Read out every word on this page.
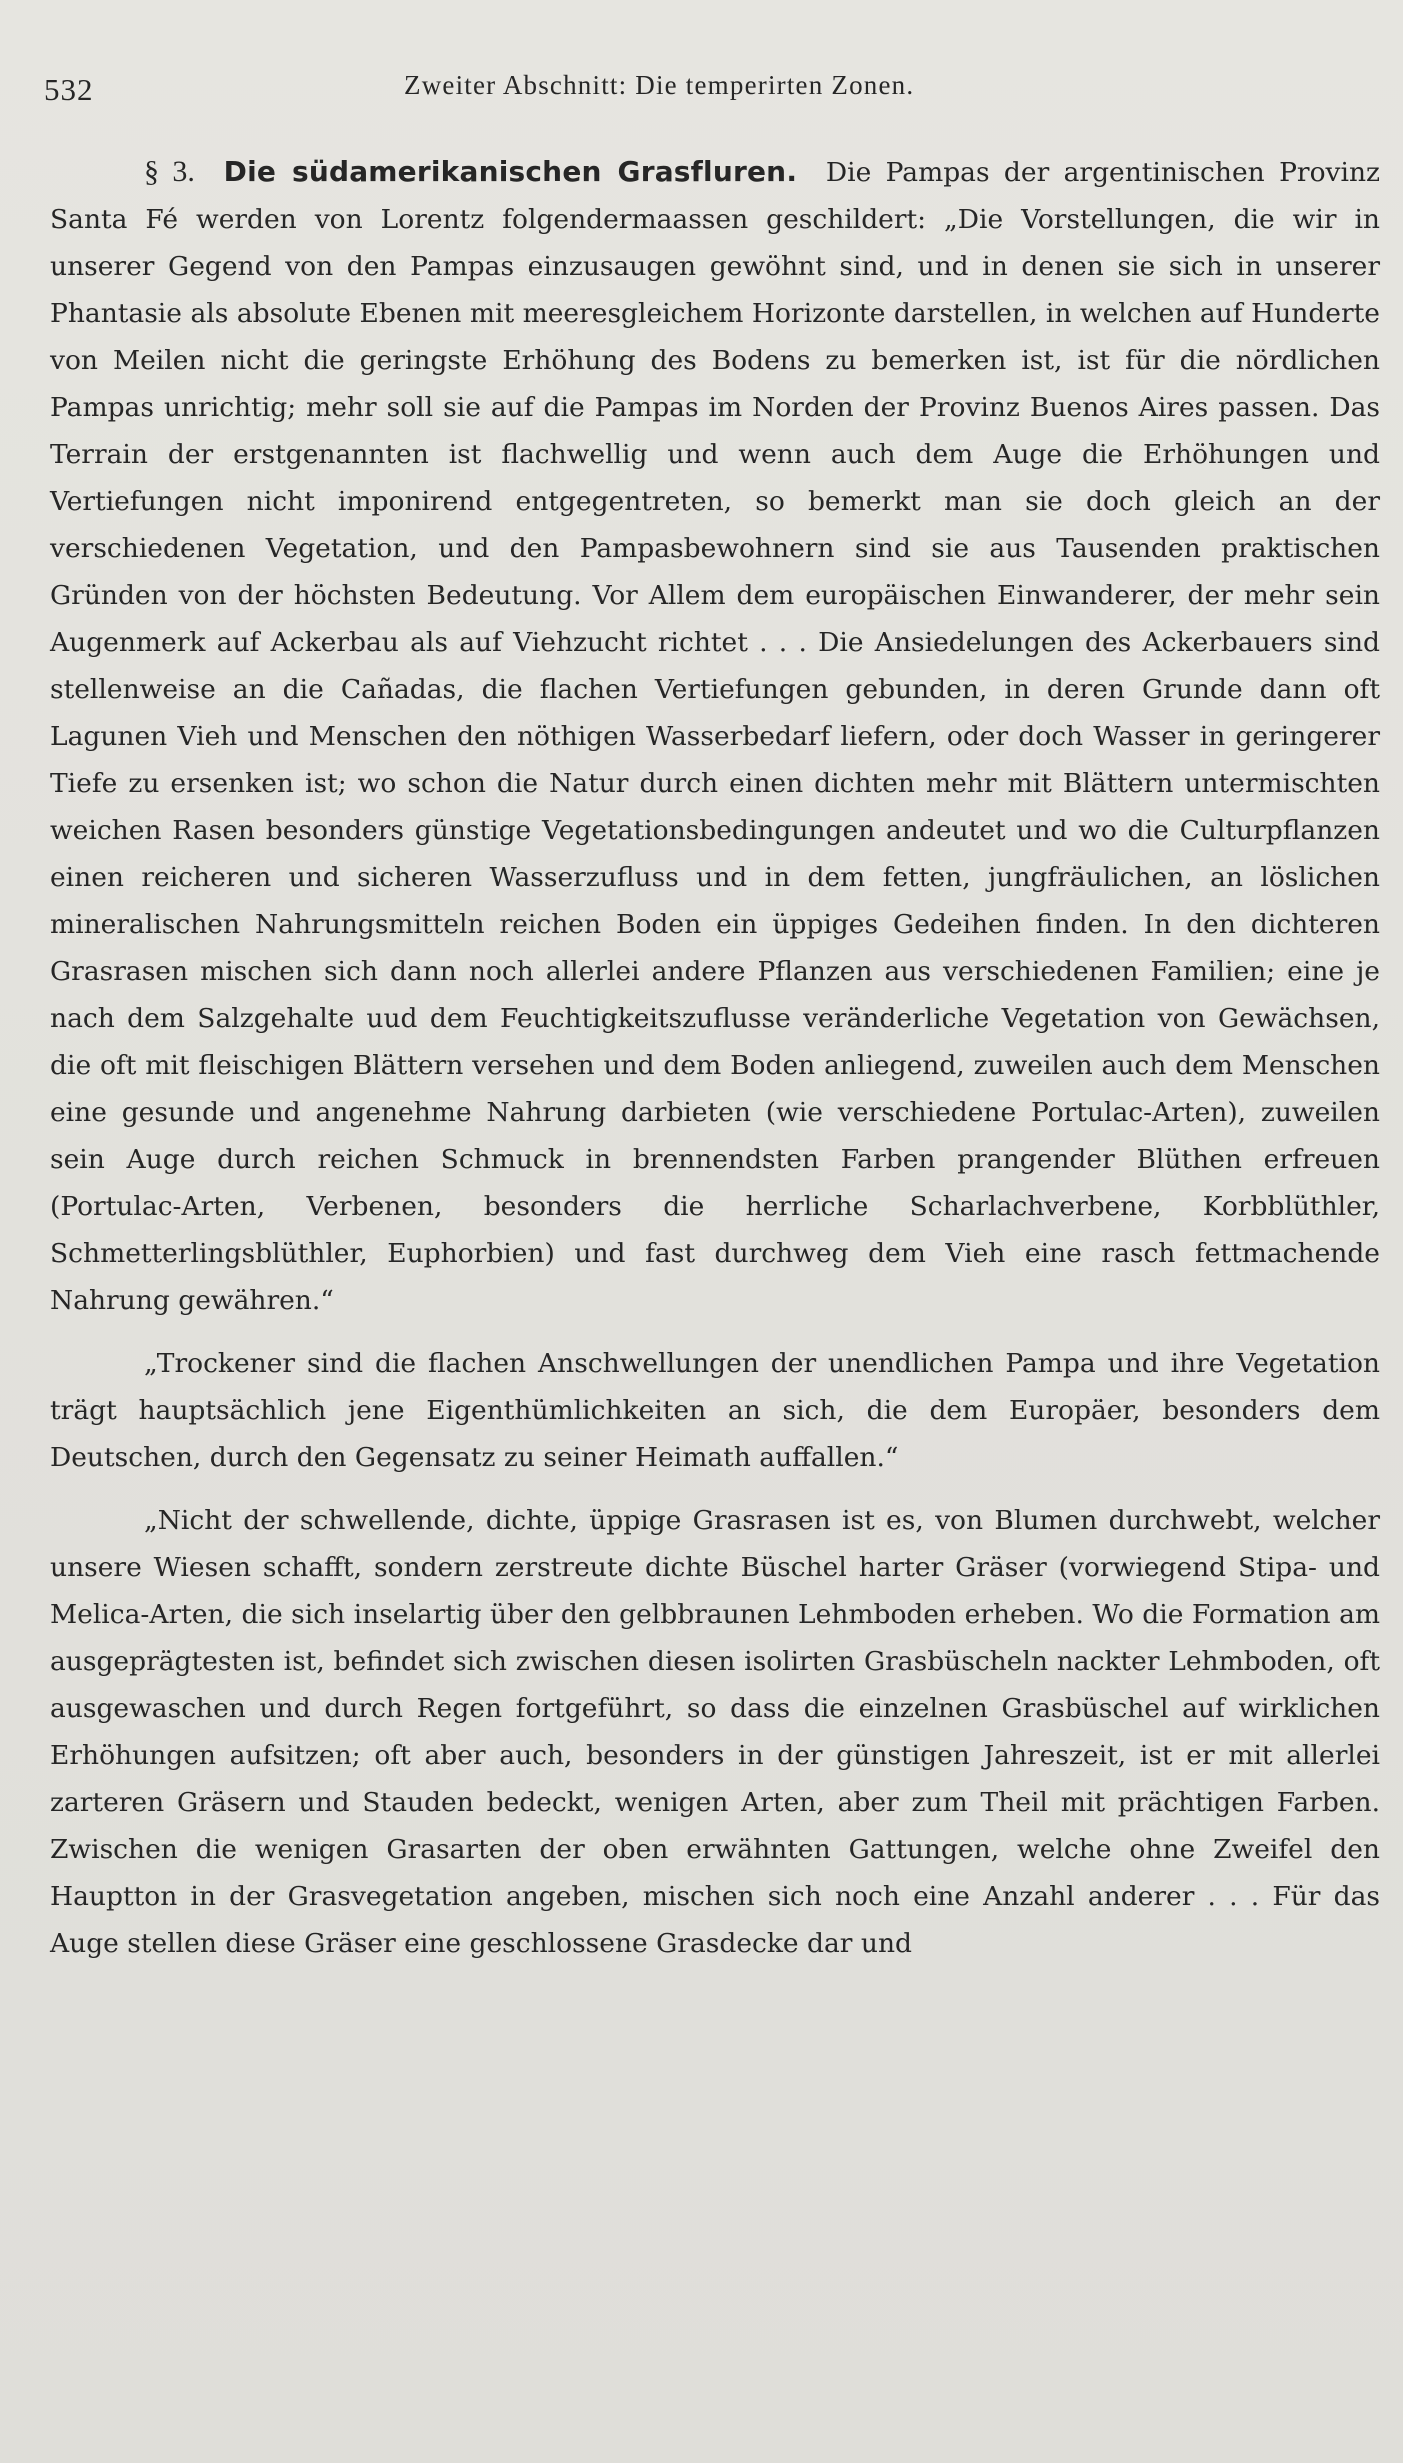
532	Zweiter Abschnitt: Die temperirten Zonen.

§ 3. Die südamerikanischen Grasfluren. Die Pampas der argentinischen Provinz Santa Fé werden von Lorentz folgendermaassen geschildert: „Die Vorstellungen, die wir in unserer Gegend von den Pampas einzusaugen gewöhnt sind, und in denen sie sich in unserer Phantasie als absolute Ebenen mit meeresgleichem Horizonte darstellen, in welchen auf Hunderte von Meilen nicht die geringste Erhöhung des Bodens zu bemerken ist, ist für die nördlichen Pampas unrichtig; mehr soll sie auf die Pampas im Norden der Provinz Buenos Aires passen. Das Terrain der erstgenannten ist flachwellig und wenn auch dem Auge die Erhöhungen und Vertiefungen nicht imponirend entgegentreten, so bemerkt man sie doch gleich an der verschiedenen Vegetation, und den Pampasbewohnern sind sie aus Tausenden praktischen Gründen von der höchsten Bedeutung. Vor Allem dem europäischen Einwanderer, der mehr sein Augenmerk auf Ackerbau als auf Viehzucht richtet . . . Die Ansiedelungen des Ackerbauers sind stellenweise an die Cañadas, die flachen Vertiefungen gebunden, in deren Grunde dann oft Lagunen Vieh und Menschen den nöthigen Wasserbedarf liefern, oder doch Wasser in geringerer Tiefe zu ersenken ist; wo schon die Natur durch einen dichten mehr mit Blättern untermischten weichen Rasen besonders günstige Vegetationsbedingungen andeutet und wo die Culturpflanzen einen reicheren und sicheren Wasserzufluss und in dem fetten, jungfräulichen, an löslichen mineralischen Nahrungsmitteln reichen Boden ein üppiges Gedeihen finden. In den dichteren Grasrasen mischen sich dann noch allerlei andere Pflanzen aus verschiedenen Familien; eine je nach dem Salzgehalte uud dem Feuchtigkeitszuflusse veränderliche Vegetation von Gewächsen, die oft mit fleischigen Blättern versehen und dem Boden anliegend, zuweilen auch dem Menschen eine gesunde und angenehme Nahrung darbieten (wie verschiedene Portulac-Arten), zuweilen sein Auge durch reichen Schmuck in brennendsten Farben prangender Blüthen erfreuen (Portulac-Arten, Verbenen, besonders die herrliche Scharlachverbene, Korbblüthler, Schmetterlingsblüthler, Euphorbien) und fast durchweg dem Vieh eine rasch fettmachende Nahrung gewähren.“

„Trockener sind die flachen Anschwellungen der unendlichen Pampa und ihre Vegetation trägt hauptsächlich jene Eigenthümlichkeiten an sich, die dem Europäer, besonders dem Deutschen, durch den Gegensatz zu seiner Heimath auffallen.“

„Nicht der schwellende, dichte, üppige Grasrasen ist es, von Blumen durchwebt, welcher unsere Wiesen schafft, sondern zerstreute dichte Büschel harter Gräser (vorwiegend Stipa- und Melica-Arten, die sich inselartig über den gelbbraunen Lehmboden erheben. Wo die Formation am ausgeprägtesten ist, befindet sich zwischen diesen isolirten Grasbüscheln nackter Lehmboden, oft ausgewaschen und durch Regen fortgeführt, so dass die einzelnen Grasbüschel auf wirklichen Erhöhungen aufsitzen; oft aber auch, besonders in der günstigen Jahreszeit, ist er mit allerlei zarteren Gräsern und Stauden bedeckt, wenigen Arten, aber zum Theil mit prächtigen Farben. Zwischen die wenigen Grasarten der oben erwähnten Gattungen, welche ohne Zweifel den Hauptton in der Grasvegetation angeben, mischen sich noch eine Anzahl anderer . . . Für das Auge stellen diese Gräser eine geschlossene Grasdecke dar und
